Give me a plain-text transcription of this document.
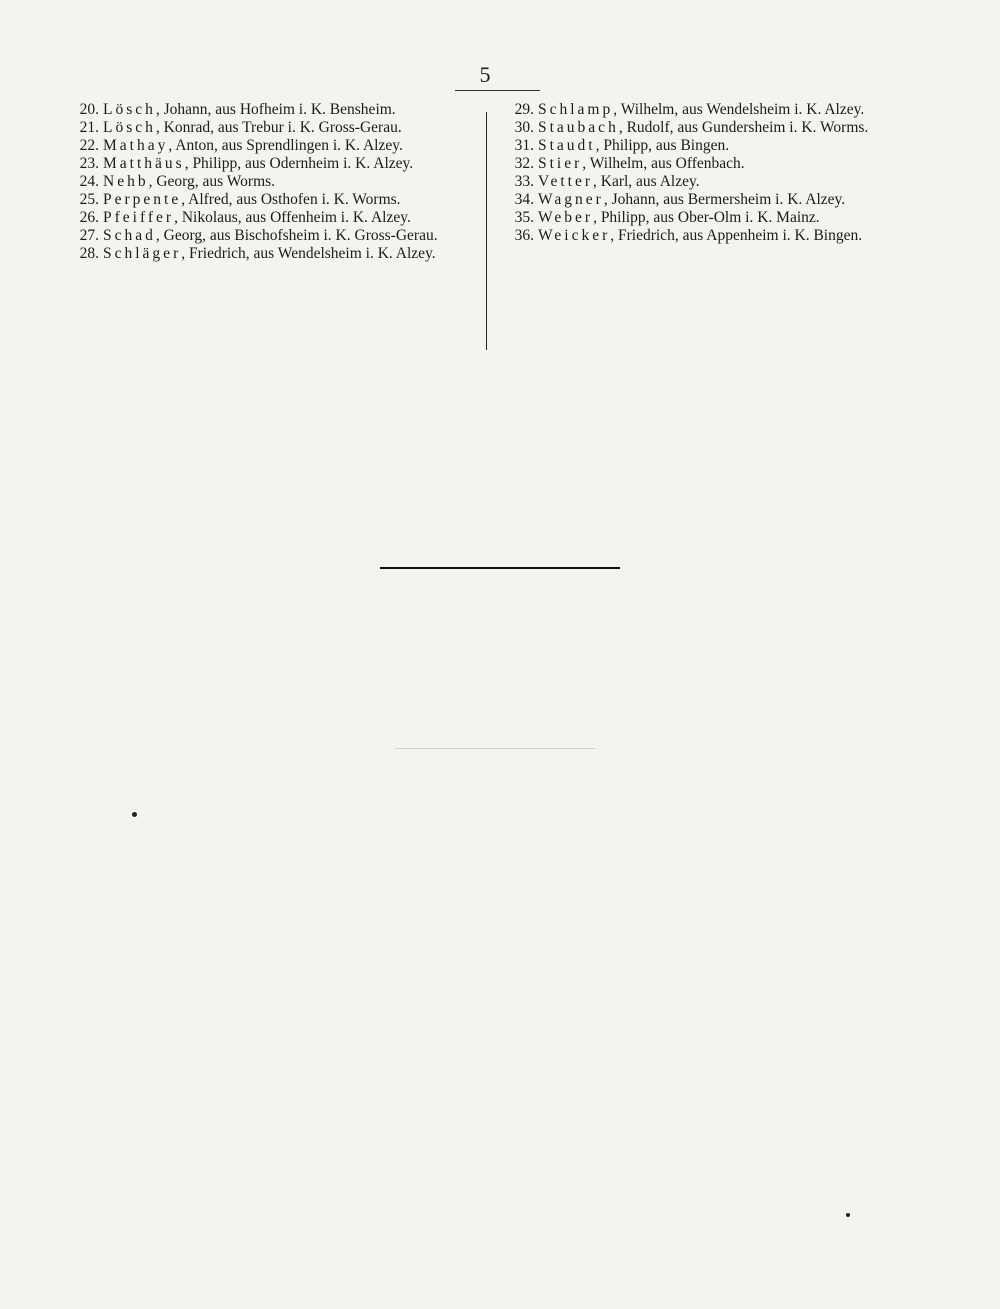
5
20. Lösch, Johann, aus Hofheim i. K. Bensheim.
21. Lösch, Konrad, aus Trebur i. K. Gross-Gerau.
22. Mathay, Anton, aus Sprendlingen i. K. Alzey.
23. Matthäus, Philipp, aus Odernheim i. K. Alzey.
24. Nehb, Georg, aus Worms.
25. Perpente, Alfred, aus Osthofen i. K. Worms.
26. Pfeiffer, Nikolaus, aus Offenheim i. K. Alzey.
27. Schad, Georg, aus Bischofsheim i. K. Gross-Gerau.
28. Schläger, Friedrich, aus Wendelsheim i. K. Alzey.
29. Schlamp, Wilhelm, aus Wendelsheim i. K. Alzey.
30. Staubach, Rudolf, aus Gundersheim i. K. Worms.
31. Staudt, Philipp, aus Bingen.
32. Stier, Wilhelm, aus Offenbach.
33. Vetter, Karl, aus Alzey.
34. Wagner, Johann, aus Bermersheim i. K. Alzey.
35. Weber, Philipp, aus Ober-Olm i. K. Mainz.
36. Weicker, Friedrich, aus Appenheim i. K. Bingen.
